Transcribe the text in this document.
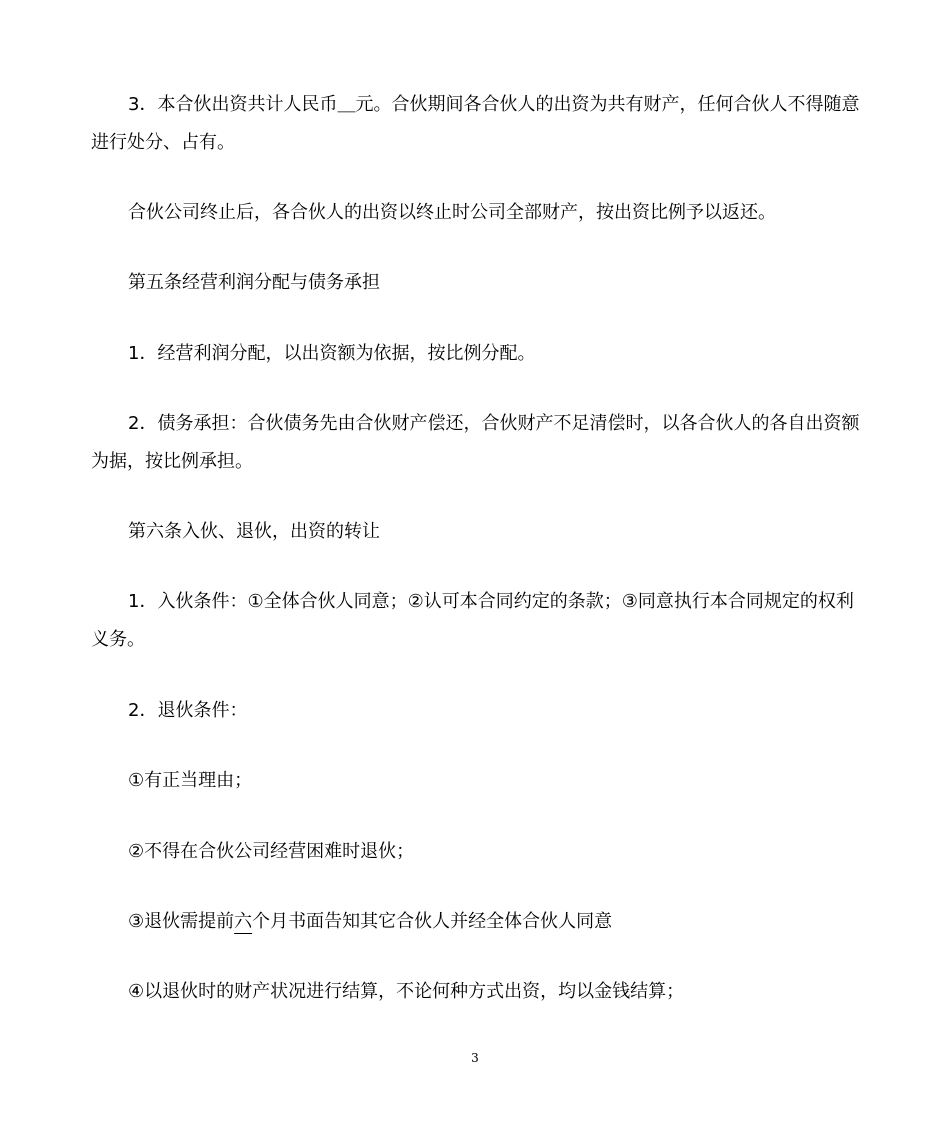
3．本合伙出资共计人民币＿元。合伙期间各合伙人的出资为共有财产，任何合伙人不得随意进行处分、占有。

合伙公司终止后，各合伙人的出资以终止时公司全部财产，按出资比例予以返还。

第五条经营利润分配与债务承担

1．经营利润分配，以出资额为依据，按比例分配。

2．债务承担：合伙债务先由合伙财产偿还，合伙财产不足清偿时，以各合伙人的各自出资额为据，按比例承担。

第六条入伙、退伙，出资的转让

1．入伙条件：①全体合伙人同意；②认可本合同约定的条款；③同意执行本合同规定的权利义务。

2．退伙条件：

①有正当理由；

②不得在合伙公司经营困难时退伙；

③退伙需提前六个月书面告知其它合伙人并经全体合伙人同意

④以退伙时的财产状况进行结算，不论何种方式出资，均以金钱结算；

3
